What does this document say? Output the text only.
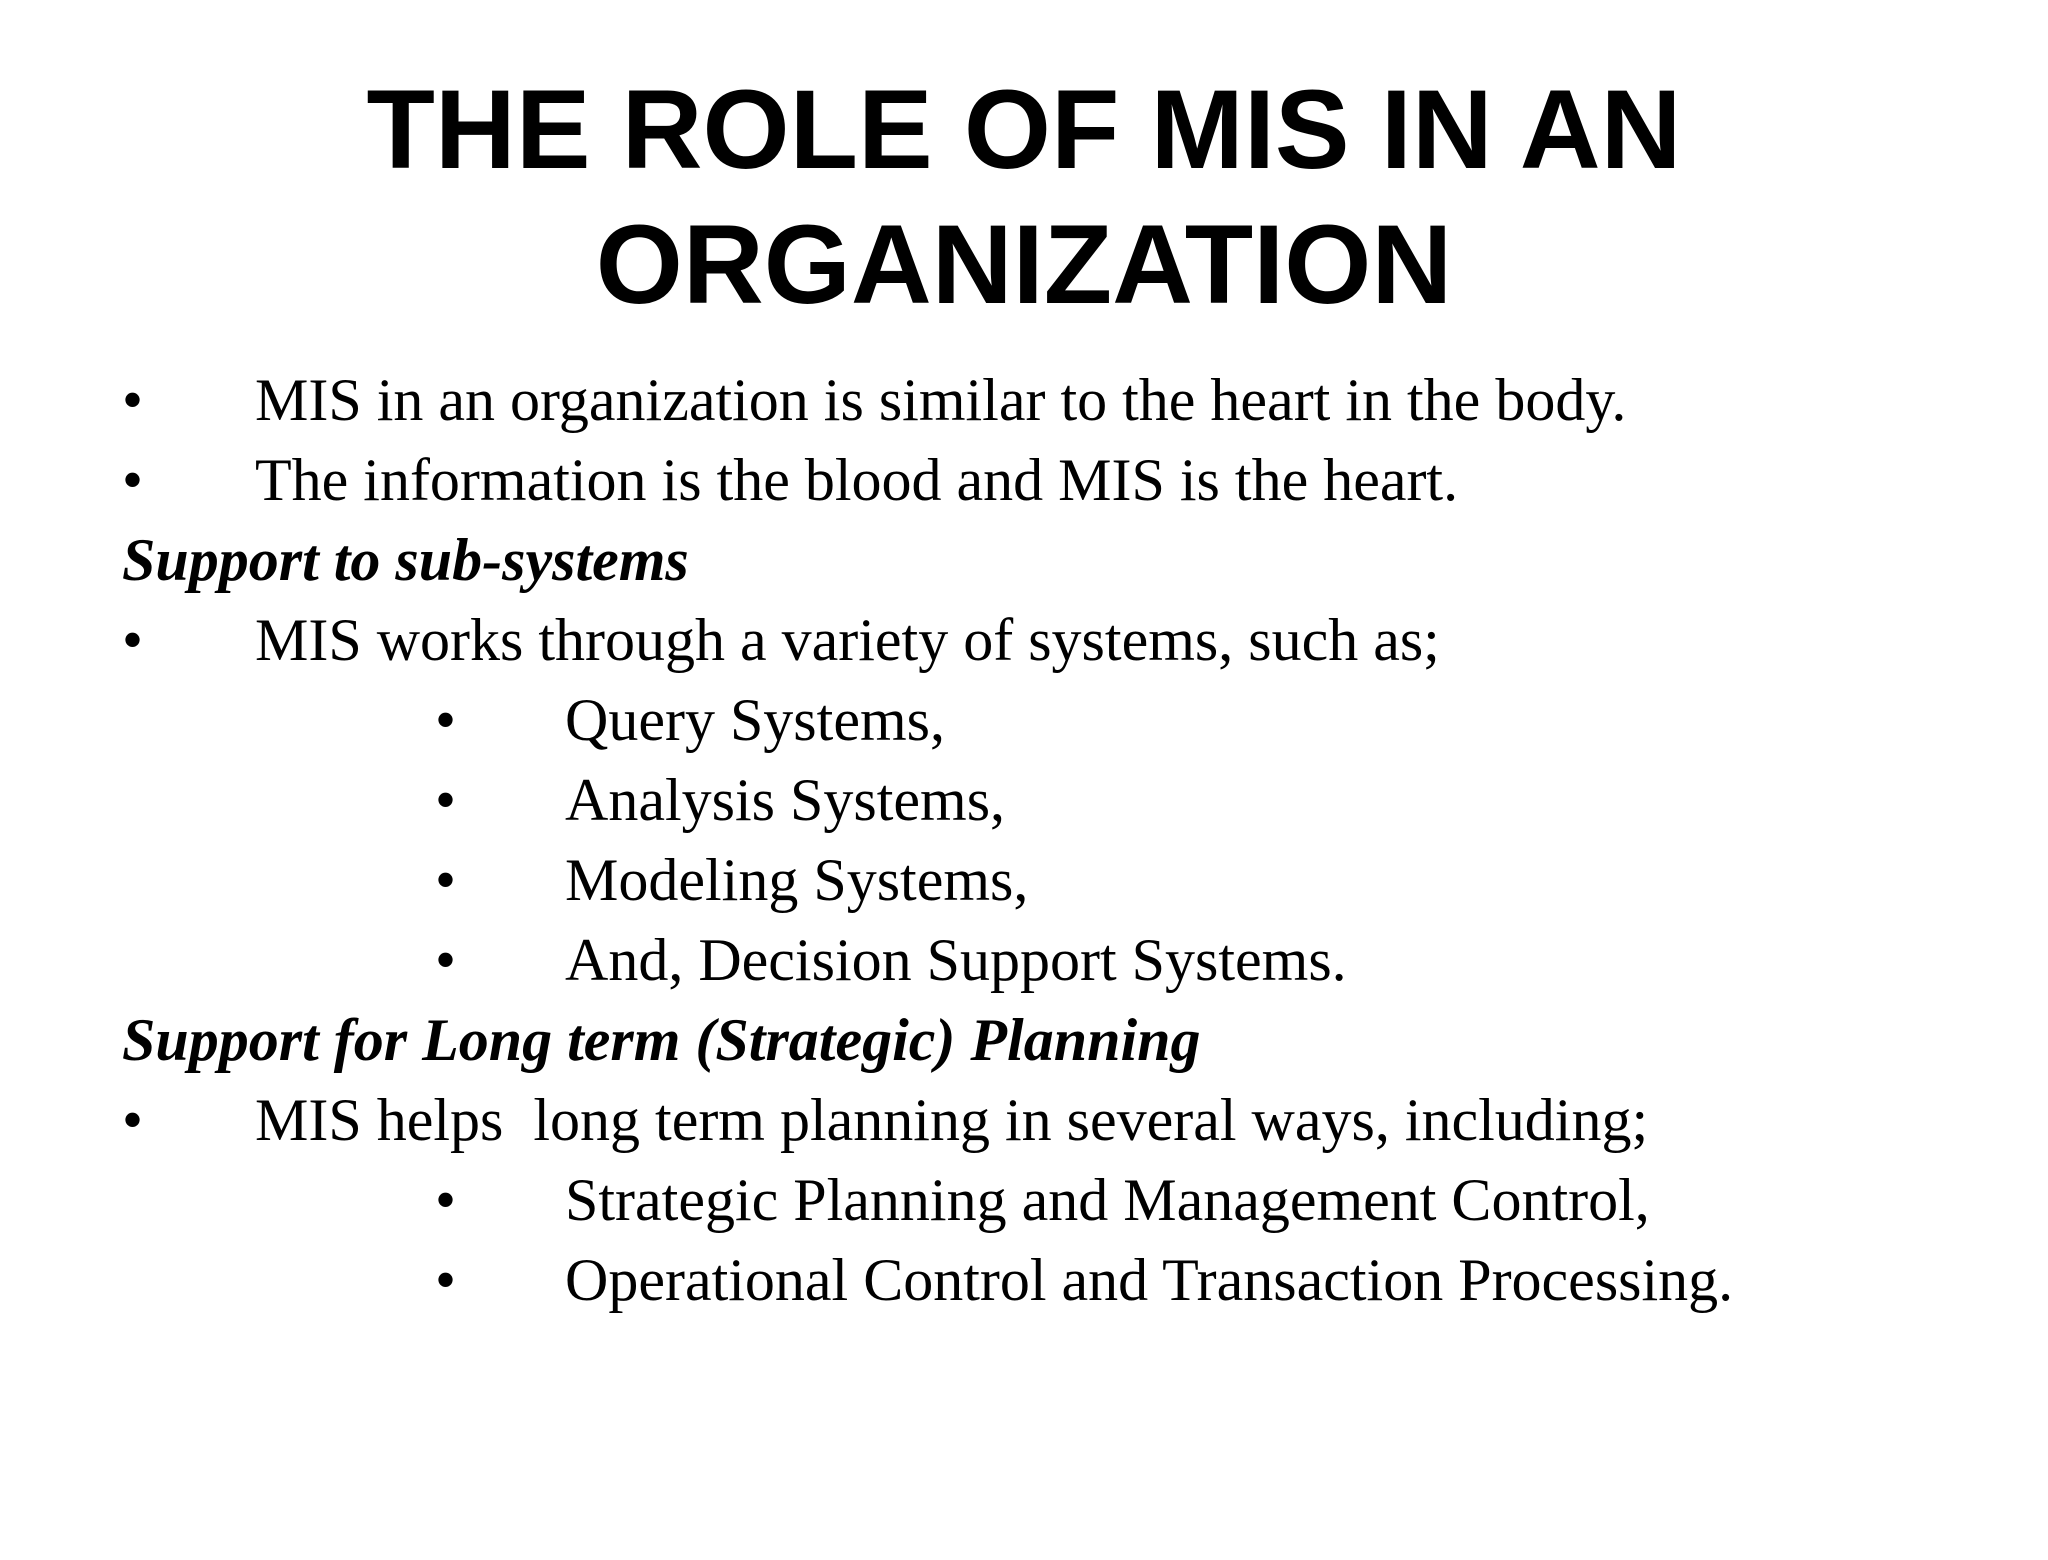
THE ROLE OF MIS IN AN
ORGANIZATION

•

MIS in an organization is similar to the heart in the body.

•

The information is the blood and MIS is the heart.

Support to sub-systems

•

MIS works through a variety of systems, such as;

•

Query Systems,

•

Analysis Systems,

•

Modeling Systems,

•

And, Decision Support Systems.

Support for Long term (Strategic) Planning

•

MIS helps  long term planning in several ways, including;

•

Strategic Planning and Management Control,

•

Operational Control and Transaction Processing.
